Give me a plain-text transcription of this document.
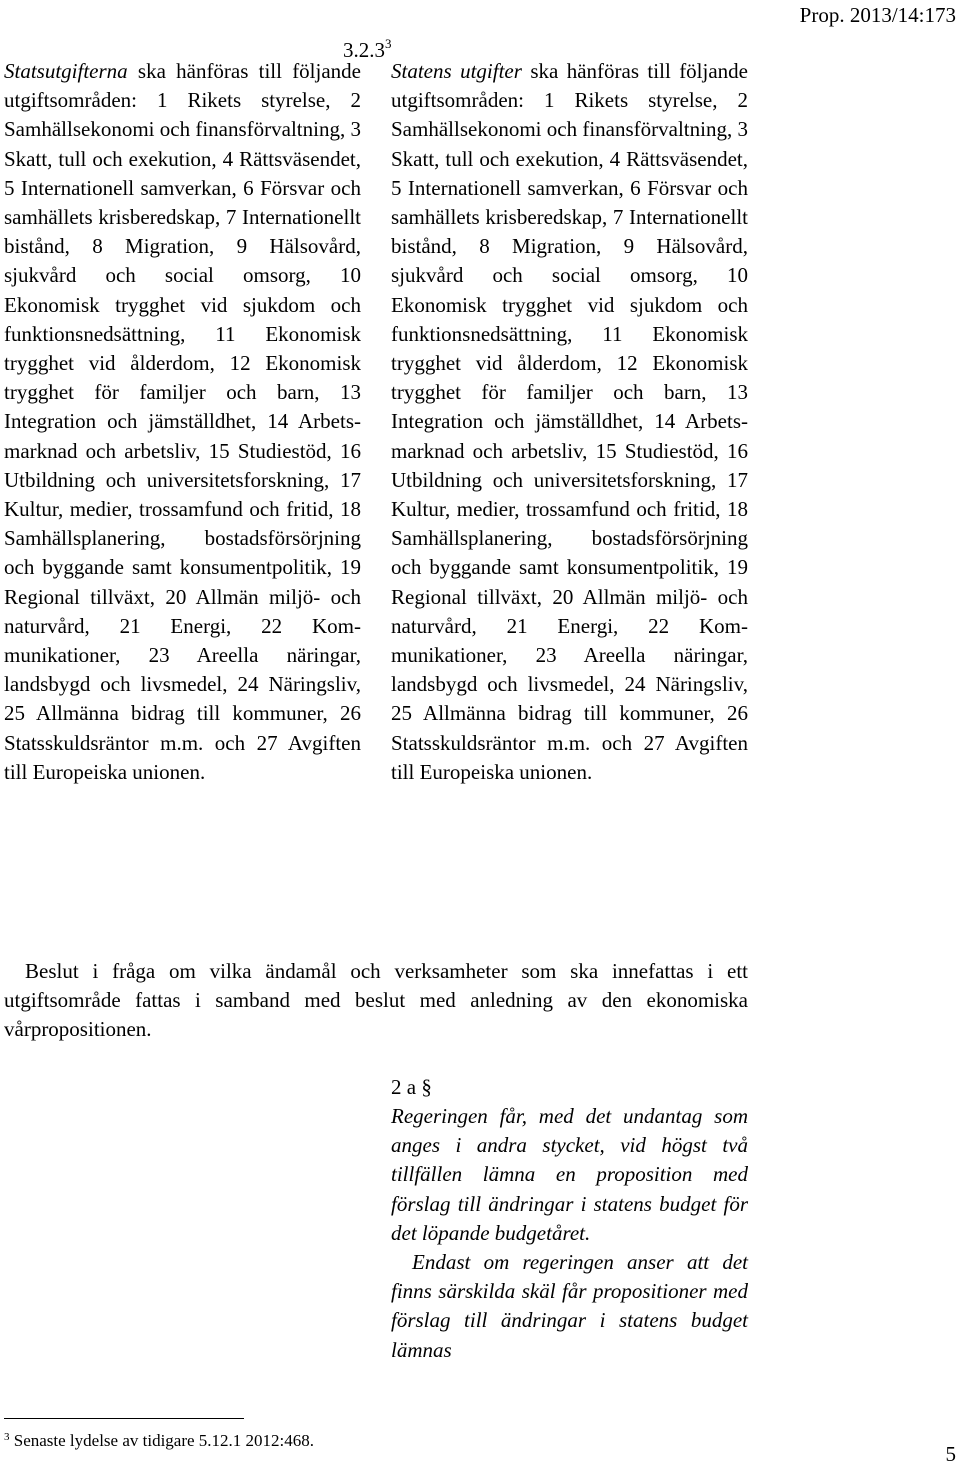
Prop. 2013/14:173
3.2.3$^3$

Statsutgifterna ska hänföras till följande utgiftsområden: 1 Rikets styrelse, 2 Samhällsekonomi och finansförvaltning, 3 Skatt, tull och exekution, 4 Rättsväsendet, 5 Internationell samverkan, 6 Försvar och samhällets krisberedskap, 7 Internationellt bistånd, 8 Migration, 9 Hälsovård, sjukvård och social omsorg, 10 Ekonomisk trygghet vid sjukdom och funktionsnedsättning, 11 Ekonomisk trygghet vid ålderdom, 12 Ekonomisk trygghet för familjer och barn, 13 Integration och jämställdhet, 14 Arbetsmarknad och arbetsliv, 15 Studiestöd, 16 Utbildning och universitetsforskning, 17 Kultur, medier, trossamfund och fritid, 18 Samhällsplanering, bostadsförsörjning och byggande samt konsumentpolitik, 19 Regional tillväxt, 20 Allmän miljö- och naturvård, 21 Energi, 22 Kommunikationer, 23 Areella näringar, landsbygd och livsmedel, 24 Näringsliv, 25 Allmänna bidrag till kommuner, 26 Statsskuldsräntor m.m. och 27 Avgiften till Europeiska unionen.

Statens utgifter ska hänföras till följande utgiftsområden: 1 Rikets styrelse, 2 Samhällsekonomi och finansförvaltning, 3 Skatt, tull och exekution, 4 Rättsväsendet, 5 Internationell samverkan, 6 Försvar och samhällets krisberedskap, 7 Internationellt bistånd, 8 Migration, 9 Hälsovård, sjukvård och social omsorg, 10 Ekonomisk trygghet vid sjukdom och funktionsnedsättning, 11 Ekonomisk trygghet vid ålderdom, 12 Ekonomisk trygghet för familjer och barn, 13 Integration och jämställdhet, 14 Arbetsmarknad och arbetsliv, 15 Studiestöd, 16 Utbildning och universitetsforskning, 17 Kultur, medier, trossamfund och fritid, 18 Samhällsplanering, bostadsförsörjning och byggande samt konsumentpolitik, 19 Regional tillväxt, 20 Allmän miljö- och naturvård, 21 Energi, 22 Kommunikationer, 23 Areella näringar, landsbygd och livsmedel, 24 Näringsliv, 25 Allmänna bidrag till kommuner, 26 Statsskuldsräntor m.m. och 27 Avgiften till Europeiska unionen.

Beslut i fråga om vilka ändamål och verksamheter som ska innefattas i ett utgiftsområde fattas i samband med beslut med anledning av den ekonomiska vårpropositionen.

2 a §

Regeringen får, med det undantag som anges i andra stycket, vid högst två tillfällen lämna en proposition med förslag till ändringar i statens budget för det löpande budgetåret.

Endast om regeringen anser att det finns särskilda skäl får propositioner med förslag till ändringar i statens budget lämnas

$^3$ Senaste lydelse av tidigare 5.12.1 2012:468.
5
